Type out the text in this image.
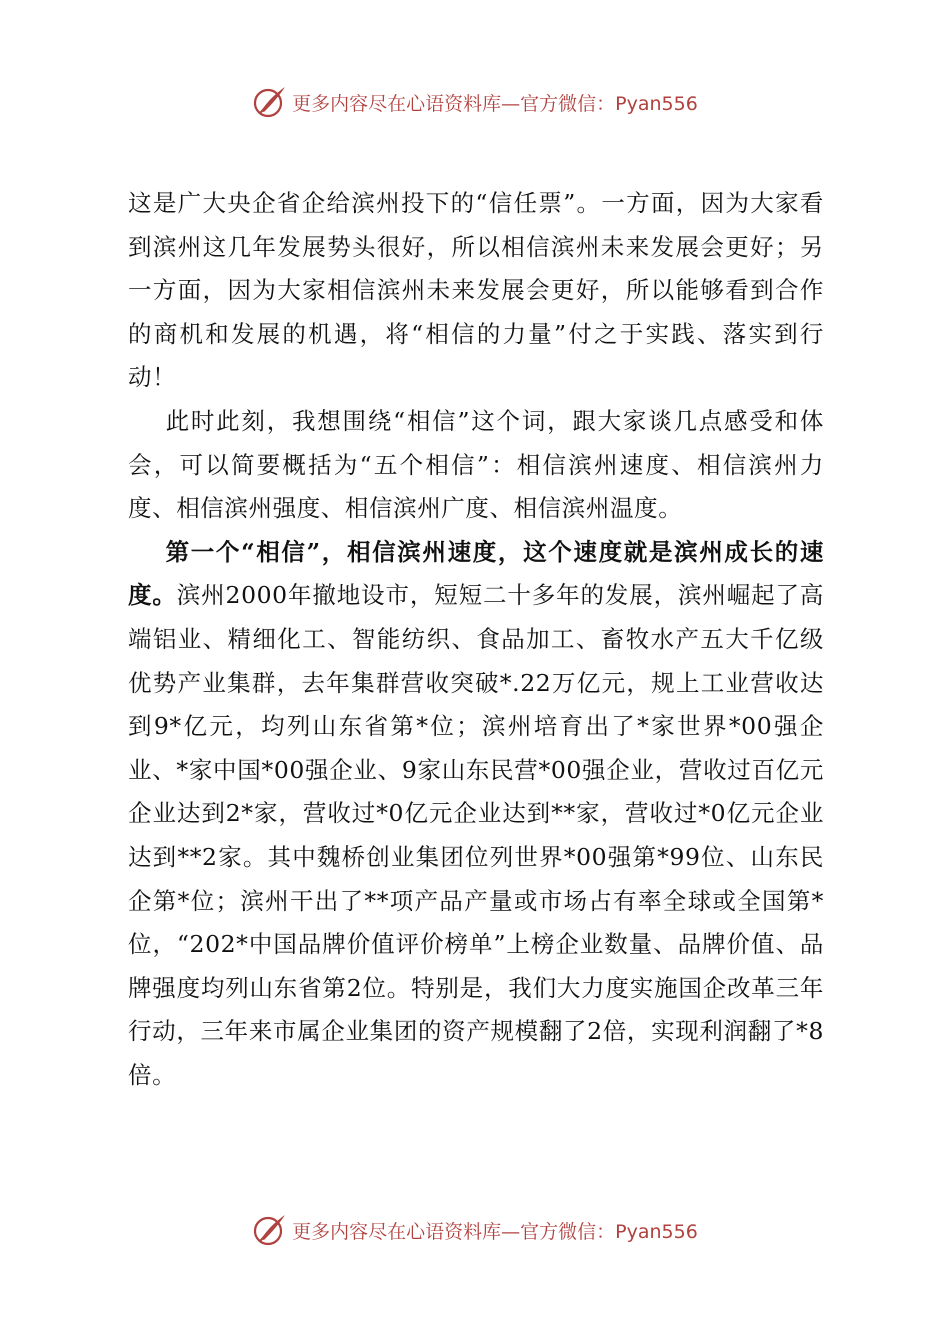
更多内容尽在心语资料库—官方微信：Pyan556

这是广大央企省企给滨州投下的“信任票”。一方面，因为大家看到滨州这几年发展势头很好，所以相信滨州未来发展会更好；另一方面，因为大家相信滨州未来发展会更好，所以能够看到合作的商机和发展的机遇，将“相信的力量”付之于实践、落实到行动！

此时此刻，我想围绕“相信”这个词，跟大家谈几点感受和体会，可以简要概括为“五个相信”：相信滨州速度、相信滨州力度、相信滨州强度、相信滨州广度、相信滨州温度。

第一个“相信”，相信滨州速度，这个速度就是滨州成长的速度。滨州2000年撤地设市，短短二十多年的发展，滨州崛起了高端铝业、精细化工、智能纺织、食品加工、畜牧水产五大千亿级优势产业集群，去年集群营收突破*.22万亿元，规上工业营收达到9*亿元，均列山东省第*位；滨州培育出了*家世界*00强企业、*家中国*00强企业、9家山东民营*00强企业，营收过百亿元企业达到2*家，营收过*0亿元企业达到**家，营收过*0亿元企业达到**2家。其中魏桥创业集团位列世界*00强第*99位、山东民企第*位；滨州干出了**项产品产量或市场占有率全球或全国第*位，“202*中国品牌价值评价榜单”上榜企业数量、品牌价值、品牌强度均列山东省第2位。特别是，我们大力度实施国企改革三年行动，三年来市属企业集团的资产规模翻了2倍，实现利润翻了*8倍。

更多内容尽在心语资料库—官方微信：Pyan556
